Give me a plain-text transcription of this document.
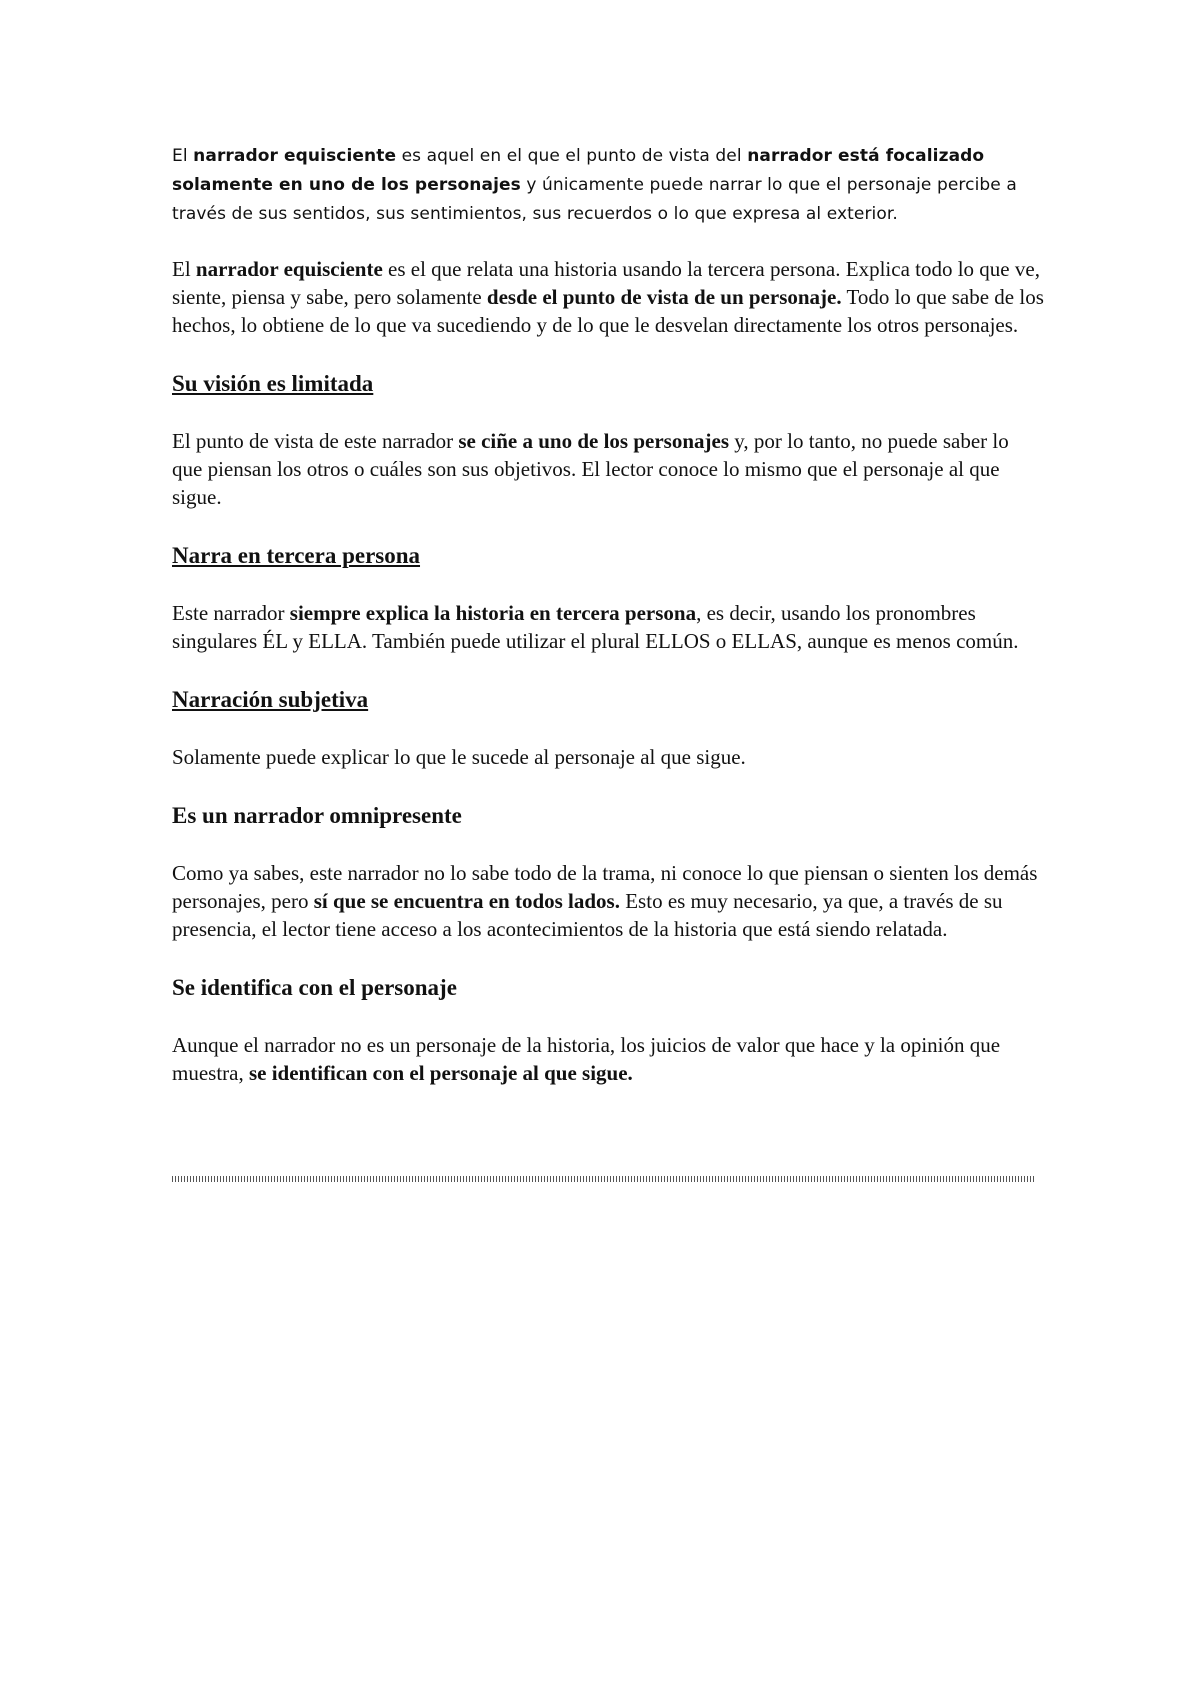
El narrador equisciente es aquel en el que el punto de vista del narrador está focalizado solamente en uno de los personajes y únicamente puede narrar lo que el personaje percibe a través de sus sentidos, sus sentimientos, sus recuerdos o lo que expresa al exterior.

El narrador equisciente es el que relata una historia usando la tercera persona. Explica todo lo que ve, siente, piensa y sabe, pero solamente desde el punto de vista de un personaje. Todo lo que sabe de los hechos, lo obtiene de lo que va sucediendo y de lo que le desvelan directamente los otros personajes.

Su visión es limitada

El punto de vista de este narrador se ciñe a uno de los personajes y, por lo tanto, no puede saber lo que piensan los otros o cuáles son sus objetivos. El lector conoce lo mismo que el personaje al que sigue.

Narra en tercera persona

Este narrador siempre explica la historia en tercera persona, es decir, usando los pronombres singulares ÉL y ELLA. También puede utilizar el plural ELLOS o ELLAS, aunque es menos común.

Narración subjetiva

Solamente puede explicar lo que le sucede al personaje al que sigue.

Es un narrador omnipresente

Como ya sabes, este narrador no lo sabe todo de la trama, ni conoce lo que piensan o sienten los demás personajes, pero sí que se encuentra en todos lados. Esto es muy necesario, ya que, a través de su presencia, el lector tiene acceso a los acontecimientos de la historia que está siendo relatada.

Se identifica con el personaje

Aunque el narrador no es un personaje de la historia, los juicios de valor que hace y la opinión que muestra, se identifican con el personaje al que sigue.
